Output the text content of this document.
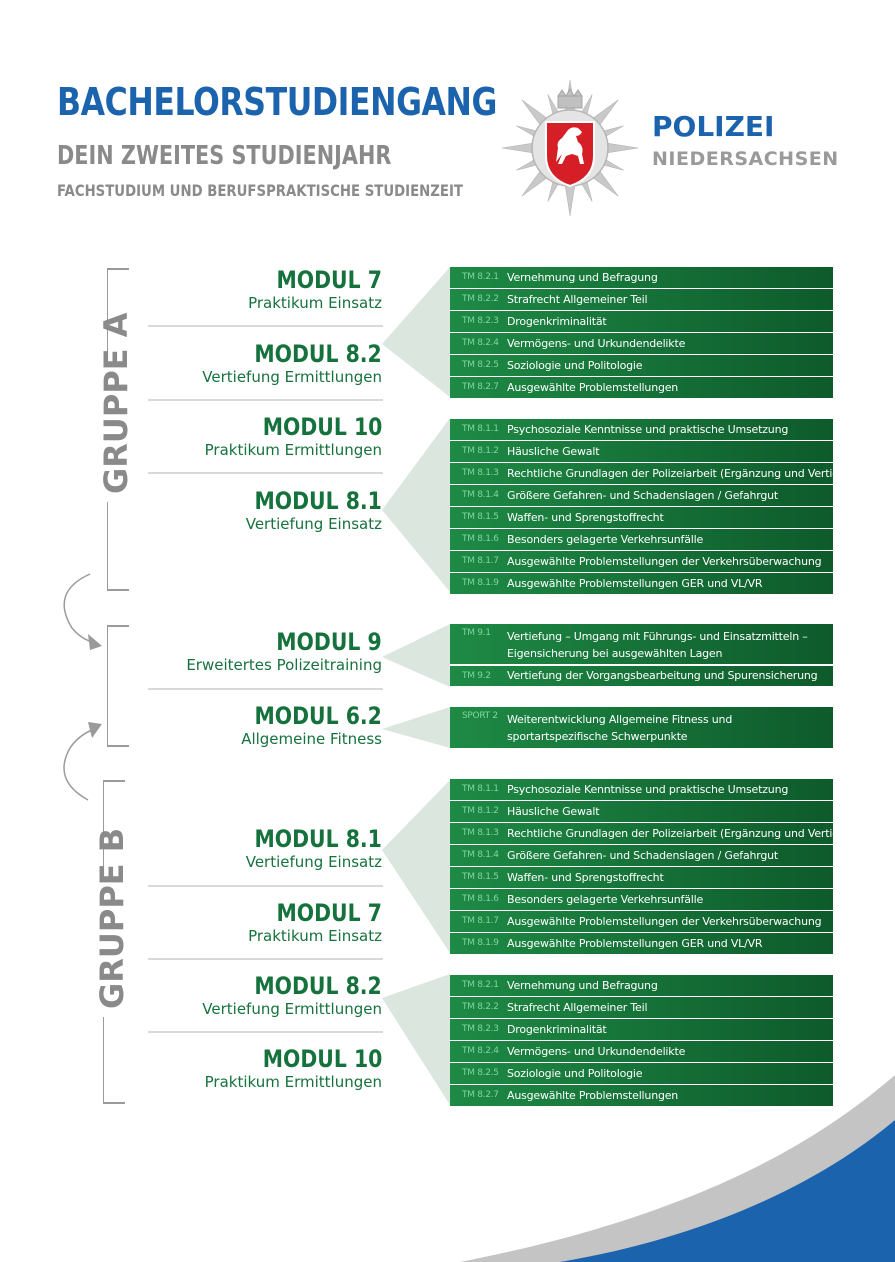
BACHELORSTUDIENGANG
DEIN ZWEITES STUDIENJAHR
FACHSTUDIUM UND BERUFSPRAKTISCHE STUDIENZEIT
POLIZEI
NIEDERSACHSEN
GRUPPE A
GRUPPE B
MODUL 7
Praktikum Einsatz
MODUL 8.2
Vertiefung Ermittlungen
MODUL 10
Praktikum Ermittlungen
MODUL 8.1
Vertiefung Einsatz
MODUL 9
Erweitertes Polizeitraining
MODUL 6.2
Allgemeine Fitness
MODUL 8.1
Vertiefung Einsatz
MODUL 7
Praktikum Einsatz
MODUL 8.2
Vertiefung Ermittlungen
MODUL 10
Praktikum Ermittlungen
TM 8.2.1 Vernehmung und Befragung
TM 8.2.2 Strafrecht Allgemeiner Teil
TM 8.2.3 Drogenkriminalität
TM 8.2.4 Vermögens- und Urkundendelikte
TM 8.2.5 Soziologie und Politologie
TM 8.2.7 Ausgewählte Problemstellungen
TM 8.1.1 Psychosoziale Kenntnisse und praktische Umsetzung
TM 8.1.2 Häusliche Gewalt
TM 8.1.3 Rechtliche Grundlagen der Polizeiarbeit (Ergänzung und Vertiefung)
TM 8.1.4 Größere Gefahren- und Schadenslagen / Gefahrgut
TM 8.1.5 Waffen- und Sprengstoffrecht
TM 8.1.6 Besonders gelagerte Verkehrsunfälle
TM 8.1.7 Ausgewählte Problemstellungen der Verkehrsüberwachung
TM 8.1.9 Ausgewählte Problemstellungen GER und VL/VR
TM 9.1	Vertiefung – Umgang mit Führungs- und Einsatzmitteln – Eigensicherung bei ausgewählten Lagen
TM 9.2	Vertiefung der Vorgangsbearbeitung und Spurensicherung
SPORT 2 Weiterentwicklung Allgemeine Fitness und sportartspezifische Schwerpunkte
TM 8.1.1 Psychosoziale Kenntnisse und praktische Umsetzung
TM 8.1.2 Häusliche Gewalt
TM 8.1.3 Rechtliche Grundlagen der Polizeiarbeit (Ergänzung und Vertiefung)
TM 8.1.4 Größere Gefahren- und Schadenslagen / Gefahrgut
TM 8.1.5 Waffen- und Sprengstoffrecht
TM 8.1.6 Besonders gelagerte Verkehrsunfälle
TM 8.1.7 Ausgewählte Problemstellungen der Verkehrsüberwachung
TM 8.1.9 Ausgewählte Problemstellungen GER und VL/VR
TM 8.2.1 Vernehmung und Befragung
TM 8.2.2 Strafrecht Allgemeiner Teil
TM 8.2.3 Drogenkriminalität
TM 8.2.4 Vermögens- und Urkundendelikte
TM 8.2.5 Soziologie und Politologie
TM 8.2.7 Ausgewählte Problemstellungen
